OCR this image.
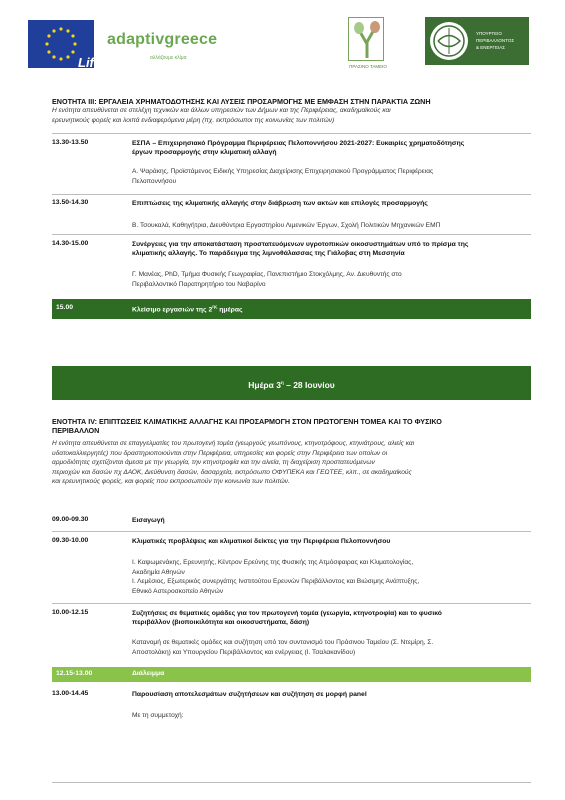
Life
adaptivgreece
αλλάζουμε κλίμα
ΠΡΑΣΙΝΟ ΤΑΜΕΙΟ
ΥΠΟΥΡΓΕΙΟ
ΠΕΡΙΒΑΛΛΟΝΤΟΣ
& ΕΝΕΡΓΕΙΑΣ
ΕΝΟΤΗΤΑ III: ΕΡΓΑΛΕΙΑ ΧΡΗΜΑΤΟΔΟΤΗΣΗΣ ΚΑΙ ΛΥΣΕΙΣ ΠΡΟΣΑΡΜΟΓΗΣ ΜΕ ΕΜΦΑΣΗ ΣΤΗΝ ΠΑΡΑΚΤΙΑ ΖΩΝΗ
Η ενότητα απευθύνεται σε στελέχη τεχνικών και άλλων υπηρεσιών των Δήμων και της Περιφέρειας, ακαδημαϊκούς και
ερευνητικούς φορείς και λοιπά ενδιαφερόμενα μέρη (πχ. εκπρόσωποι της κοινωνίας των πολιτών)
13.30-13.50	ΕΣΠΑ – Επιχειρησιακό Πρόγραμμα Περιφέρειας Πελοποννήσου 2021-2027: Ευκαιρίες χρηματοδότησης
έργων προσαρμογής στην κλιματική αλλαγή
Α. Ψαράκης, Προϊστάμενος Ειδικής Υπηρεσίας Διαχείρισης Επιχειρησιακού Προγράμματος Περιφέρειας
Πελοποννήσου
13.50-14.30	Επιπτώσεις της κλιματικής αλλαγής στην διάβρωση των ακτών και επιλογές προσαρμογής
Β. Τσουκαλά, Καθηγήτρια, Διευθύντρια Εργαστηρίου Λιμενικών Έργων, Σχολή Πολιτικών Μηχανικών ΕΜΠ
14.30-15.00	Συνέργειες για την αποκατάσταση προστατευόμενων υγροτοπικών οικοσυστημάτων υπό το πρίσμα της
κλιματικής αλλαγής. Το παράδειγμα της λιμνοθάλασσας της Γιάλοβας στη Μεσσηνία
Γ. Μανέας, PhD, Τμήμα Φυσικής Γεωγραφίας, Πανεπιστήμιο Στοκχόλμης, Αν. Διευθυντής στο
Περιβαλλοντικό Παρατηρητήριο του Ναβαρίνο
15.00	Κλείσιμο εργασιών της $2^{\eta\varsigma}$ ημέρας
Ημέρα $3^\eta - 28$ Ιουνίου
ΕΝΟΤΗΤΑ IV: ΕΠΙΠΤΩΣΕΙΣ ΚΛΙΜΑΤΙΚΗΣ ΑΛΛΑΓΗΣ ΚΑΙ ΠΡΟΣΑΡΜΟΓΗ ΣΤΟΝ ΠΡΩΤΟΓΕΝΗ ΤΟΜΕΑ ΚΑΙ ΤΟ ΦΥΣΙΚΟ
ΠΕΡΙΒΑΛΛΟΝ
Η ενότητα απευθύνεται σε επαγγελματίες του πρωτογενή τομέα (γεωργούς γεωπόνους, κτηνοτρόφους, κτηνιάτρους, αλιείς και
υδατοκαλλιεργητές) που δραστηριοποιούνται στην Περιφέρεια, υπηρεσίες και φορείς στην Περιφέρεια των οποίων οι
αρμοδιότητες σχετίζονται άμεσα με την γεωργία, την κτηνοτροφία και την αλιεία, τη διαχείριση προστατευόμενων
περιοχών και δασών πχ ΔΑΟΚ, Διεύθυνση δασών, δασαρχεία, εκπρόσωπο ΟΦΥΠΕΚΑ και ΓΕΩΤΕΕ, κλπ., σε ακαδημαϊκούς
και ερευνητικούς φορείς, και φορείς που εκπροσωπούν την κοινωνία των πολιτών.
09.00-09.30	Εισαγωγή
09.30-10.00	Κλιματικές προβλέψεις και κλιματικοί δείκτες για την Περιφέρεια Πελοποννήσου
Ι. Καψωμενάκης, Ερευνητής, Κέντρον Ερεύνης της Φυσικής της Ατμόσφαιρας και Κλιματολογίας,
Ακαδημία Αθηνών
Ι. Λεμέσιος, Εξωτερικός συνεργάτης Ινστιτούτου Ερευνών Περιβάλλοντος και Βιώσιμης Ανάπτυξης,
Εθνικό Αστεροσκοπείο Αθηνών
10.00-12.15	Συζητήσεις σε θεματικές ομάδες για τον πρωτογενή τομέα (γεωργία, κτηνοτροφία) και το φυσικό
περιβάλλον (βιοποικιλότητα και οικοσυστήματα, δάση)
Κατανομή σε θεματικές ομάδες και συζήτηση υπό τον συντονισμό του Πράσινου Ταμείου (Σ. Ντεμίρη, Σ.
Αποστολάκη) και Υπουργείου Περιβάλλοντος και ενέργειας (Ι. Τσαλακανίδου)
12.15-13.00	Διάλειμμα
13.00-14.45	Παρουσίαση αποτελεσμάτων συζητήσεων και συζήτηση σε μορφή panel
Με τη συμμετοχή:
